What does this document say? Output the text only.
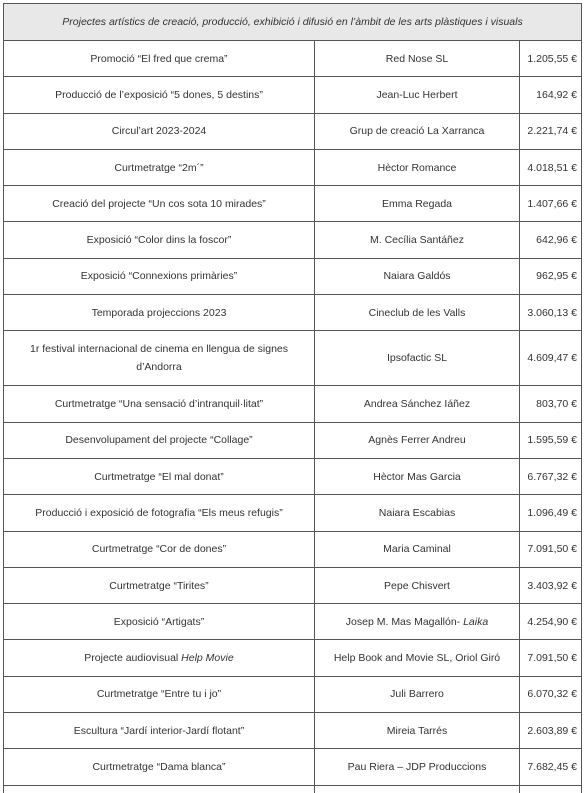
Projectes artístics de creació, producció, exhibició i difusió en l’àmbit de les arts plàstiques i visuals		
Promoció “El fred que crema”	Red Nose SL	1.205,55 €
Producció de l’exposició “5 dones, 5 destins”	Jean-Luc Herbert	164,92 €
Circul’art 2023-2024	Grup de creació La Xarranca	2.221,74 €
Curtmetratge “2m´”	Hèctor Romance	4.018,51 €
Creació del projecte “Un cos sota 10 mirades”	Emma Regada	1.407,66 €
Exposició “Color dins la foscor”	M. Cecília Santáñez	642,96 €
Exposició “Connexions primàries”	Naiara Galdós	962,95 €
Temporada projeccions 2023	Cineclub de les Valls	3.060,13 €
1r festival internacional de cinema en llengua de signes d’Andorra	Ipsofactic SL	4.609,47 €
Curtmetratge “Una sensació d’intranquil·litat”	Andrea Sánchez Iáñez	803,70 €
Desenvolupament del projecte “Collage”	Agnès Ferrer Andreu	1.595,59 €
Curtmetratge “El mal donat”	Hèctor Mas Garcia	6.767,32 €
Producció i exposició de fotografia “Els meus refugis”	Naiara Escabias	1.096,49 €
Curtmetratge “Cor de dones”	Maria Caminal	7.091,50 €
Curtmetratge “Tirites”	Pepe Chisvert	3.403,92 €
Exposició “Artigats”	Josep M. Mas Magallón- Laika	4.254,90 €
Projecte audiovisual Help Movie	Help Book and Movie SL, Oriol Giró	7.091,50 €
Curtmetratge “Entre tu i jo”	Juli Barrero	6.070,32 €
Escultura “Jardí interior-Jardí flotant”	Mireia Tarrés	2.603,89 €
Curtmetratge “Dama blanca”	Pau Riera – JDP Produccions	7.682,45 €
